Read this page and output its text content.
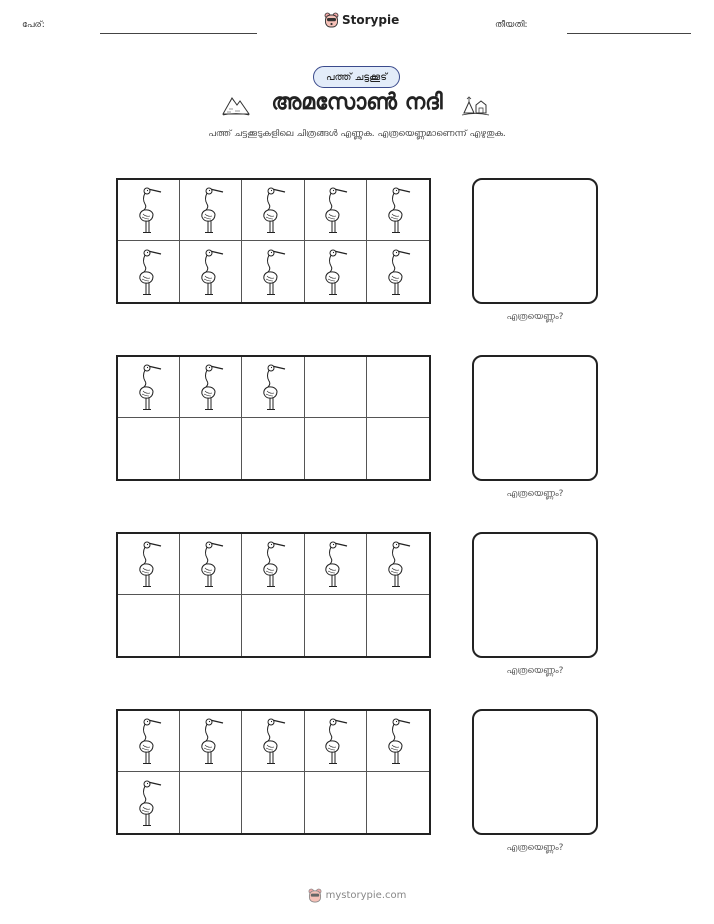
പേര്:	Storypie	തീയതി:
പത്ത് ചട്ടക്കൂട്
അമസോൺ നദി
പത്ത് ചട്ടക്കൂടുകളിലെ ചിത്രങ്ങൾ എണ്ണുക. എത്രയെണ്ണമാണെന്ന് എഴുതുക.
എത്രയെണ്ണം?
എത്രയെണ്ണം?
എത്രയെണ്ണം?
എത്രയെണ്ണം?
mystorypie.com
